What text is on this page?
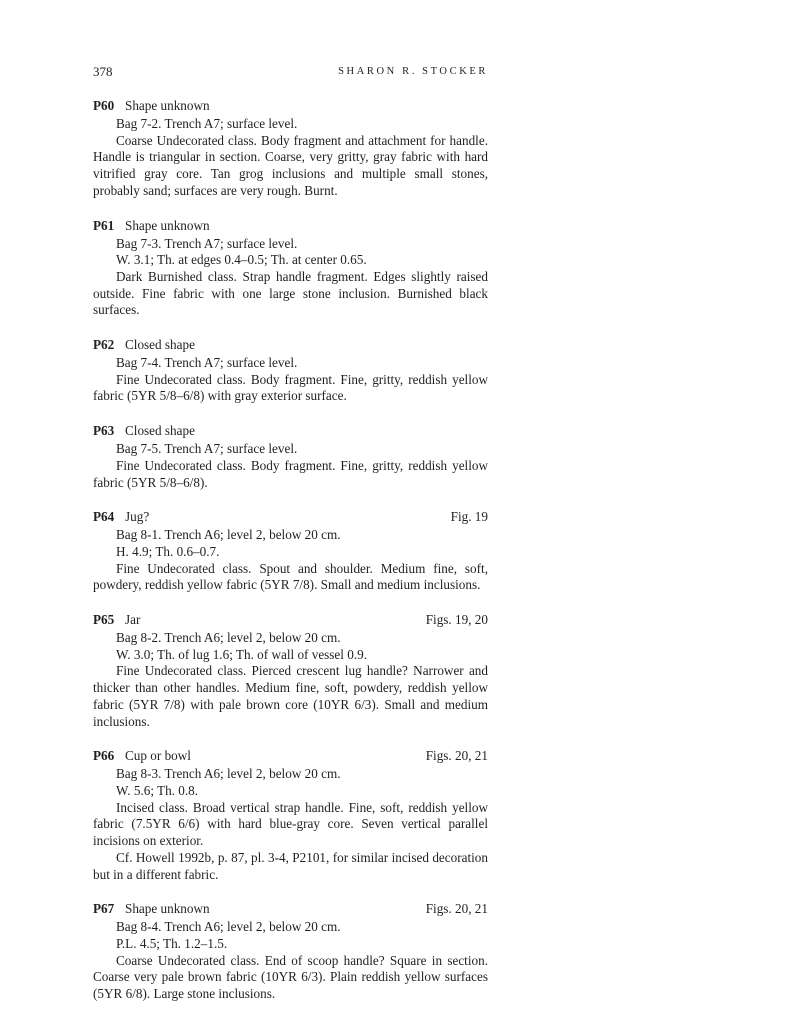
378	SHARON R. STOCKER
P60 Shape unknown

Bag 7-2. Trench A7; surface level.

Coarse Undecorated class. Body fragment and attachment for handle. Handle is triangular in section. Coarse, very gritty, gray fabric with hard vitrified gray core. Tan grog inclusions and multiple small stones, probably sand; surfaces are very rough. Burnt.

P61 Shape unknown

Bag 7-3. Trench A7; surface level.

W. 3.1; Th. at edges 0.4–0.5; Th. at center 0.65.

Dark Burnished class. Strap handle fragment. Edges slightly raised outside. Fine fabric with one large stone inclusion. Burnished black surfaces.

P62 Closed shape

Bag 7-4. Trench A7; surface level.

Fine Undecorated class. Body fragment. Fine, gritty, reddish yellow fabric (5YR 5/8–6/8) with gray exterior surface.

P63 Closed shape

Bag 7-5. Trench A7; surface level.

Fine Undecorated class. Body fragment. Fine, gritty, reddish yellow fabric (5YR 5/8–6/8).

P64 Jug?	Fig. 19

Bag 8-1. Trench A6; level 2, below 20 cm.

H. 4.9; Th. 0.6–0.7.

Fine Undecorated class. Spout and shoulder. Medium fine, soft, powdery, reddish yellow fabric (5YR 7/8). Small and medium inclusions.

P65 Jar	Figs. 19, 20

Bag 8-2. Trench A6; level 2, below 20 cm.

W. 3.0; Th. of lug 1.6; Th. of wall of vessel 0.9.

Fine Undecorated class. Pierced crescent lug handle? Narrower and thicker than other handles. Medium fine, soft, powdery, reddish yellow fabric (5YR 7/8) with pale brown core (10YR 6/3). Small and medium inclusions.

P66 Cup or bowl	Figs. 20, 21

Bag 8-3. Trench A6; level 2, below 20 cm.

W. 5.6; Th. 0.8.

Incised class. Broad vertical strap handle. Fine, soft, reddish yellow fabric (7.5YR 6/6) with hard blue-gray core. Seven vertical parallel incisions on exterior.

Cf. Howell 1992b, p. 87, pl. 3-4, P2101, for similar incised decoration but in a different fabric.

P67 Shape unknown	Figs. 20, 21

Bag 8-4. Trench A6; level 2, below 20 cm.

P.L. 4.5; Th. 1.2–1.5.

Coarse Undecorated class. End of scoop handle? Square in section. Coarse very pale brown fabric (10YR 6/3). Plain reddish yellow surfaces (5YR 6/8). Large stone inclusions.
